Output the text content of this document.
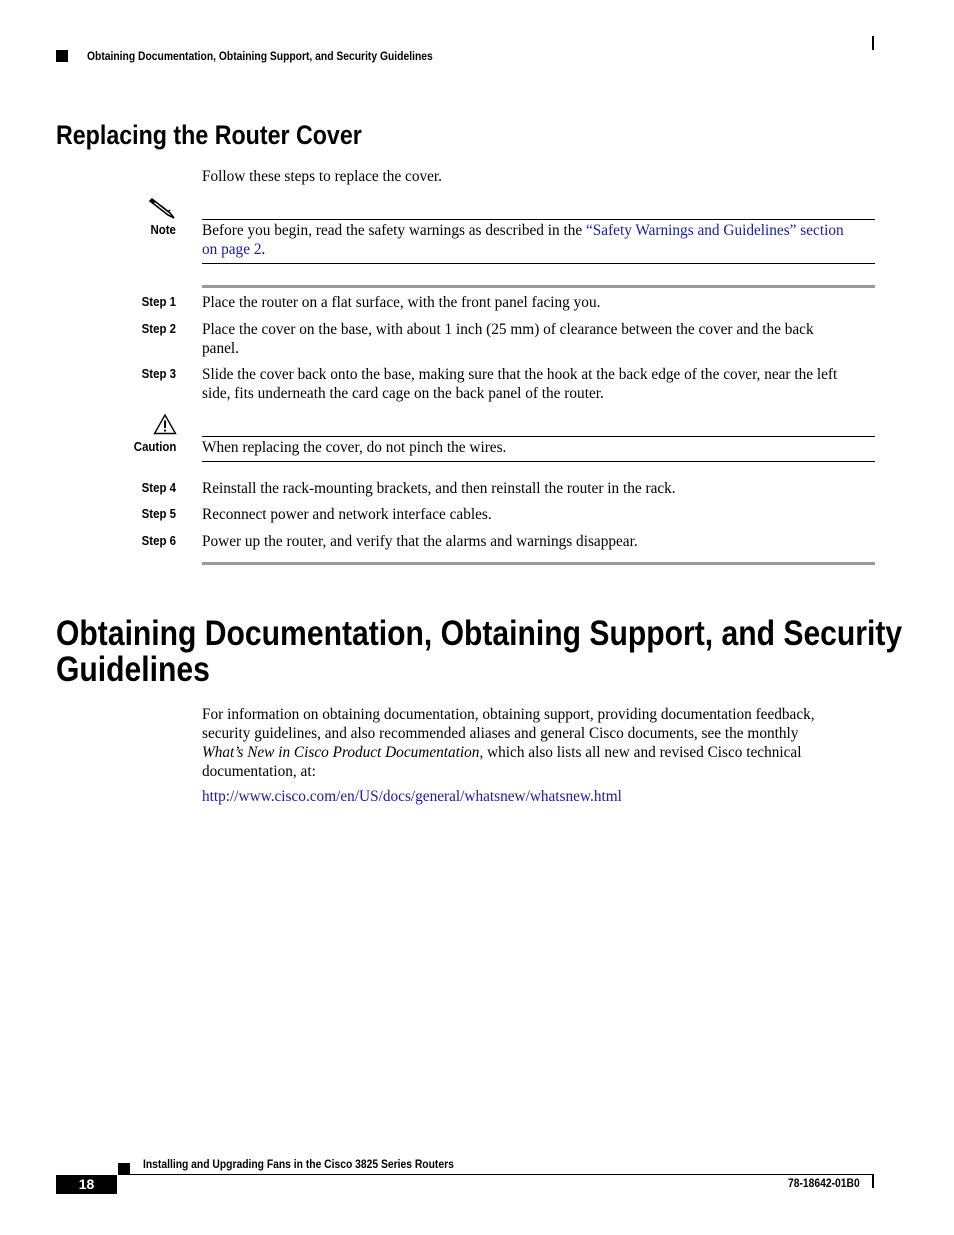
Obtaining Documentation, Obtaining Support, and Security Guidelines
Replacing the Router Cover
Follow these steps to replace the cover.
Note Before you begin, read the safety warnings as described in the “Safety Warnings and Guidelines” section
on page 2.
Step 1 Place the router on a flat surface, with the front panel facing you.
Step 2 Place the cover on the base, with about 1 inch (25 mm) of clearance between the cover and the back
panel.
Step 3 Slide the cover back onto the base, making sure that the hook at the back edge of the cover, near the left
side, fits underneath the card cage on the back panel of the router.
Caution When replacing the cover, do not pinch the wires.
Step 4 Reinstall the rack-mounting brackets, and then reinstall the router in the rack.
Step 5 Reconnect power and network interface cables.
Step 6 Power up the router, and verify that the alarms and warnings disappear.
Obtaining Documentation, Obtaining Support, and Security
Guidelines
For information on obtaining documentation, obtaining support, providing documentation feedback,
security guidelines, and also recommended aliases and general Cisco documents, see the monthly
What’s New in Cisco Product Documentation, which also lists all new and revised Cisco technical
documentation, at:
http://www.cisco.com/en/US/docs/general/whatsnew/whatsnew.html
Installing and Upgrading Fans in the Cisco 3825 Series Routers
18	78-18642-01B0
